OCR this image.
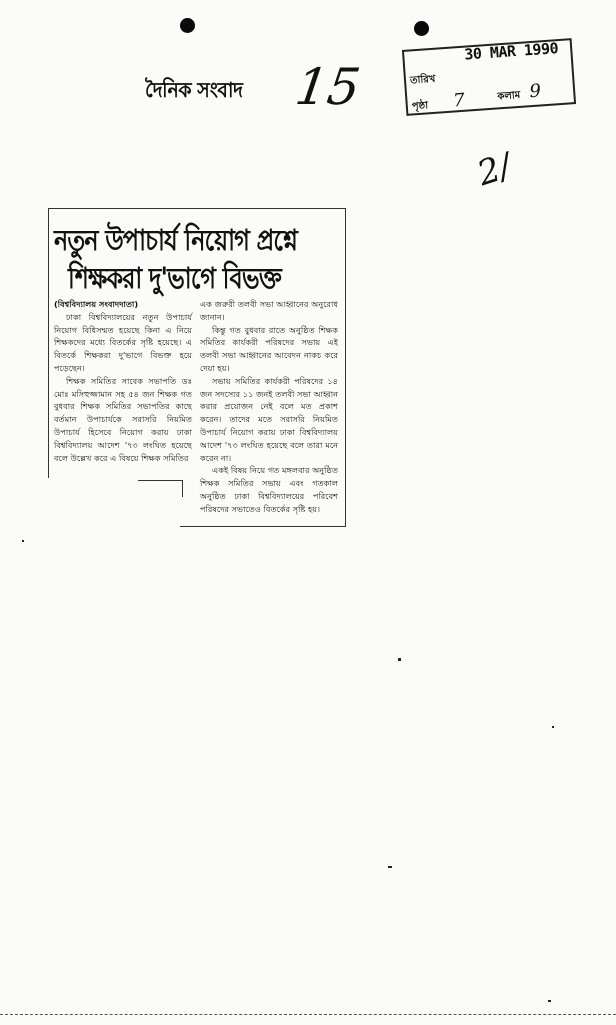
দৈনিক সংবাদ 15
30 MAR 1990
তারিখ
পৃষ্ঠা 7	কলাম 9
2/
নতুন উপাচার্য নিয়োগ প্রশ্নে
শিক্ষকরা দু'ভাগে বিভক্ত

(বিশ্ববিদ্যালয় সংবাদদাতা)

ঢাকা বিশ্ববিদ্যালয়ের নতুন উপাচার্য নিয়োগ বিধিসম্মত হয়েছে কিনা এ নিয়ে শিক্ষকদের মধ্যে বিতর্কের সৃষ্টি হয়েছে। এ বিতর্কে শিক্ষকরা দু'ভাগে বিভক্ত হয়ে পড়েছেন।

শিক্ষক সমিতির সাবেক সভাপতি ডঃ মোঃ মসিহুজ্জামান সহ ৫৪ জন শিক্ষক গত বুধবার শিক্ষক সমিতির সভাপতির কাছে বর্তমান উপাচার্যকে সরাসরি নিয়মিত উপাচার্য হিসেবে নিয়োগ করায় ঢাকা বিশ্ববিদ্যালয় আদেশ '৭৩ লংঘিত হয়েছে বলে উল্লেখ করে এ বিষয়ে শিক্ষক সমিতির

এক জরুরী তলবী সভা আহ্বানের অনুরোধ জানান।

কিন্তু গত বুধবার রাতে অনুষ্ঠিত শিক্ষক সমিতির কার্যকরী পরিষদের সভায় এই তলবী সভা আহ্বানের আবেদন নাকচ করে দেয়া হয়।

সভায় সমিতির কার্যকরী পরিষদের ১৪ জন সদস্যের ১১ জনই তলবী সভা আহ্বান করার প্রয়োজন নেই বলে মত প্রকাশ করেন। তাদের মতে সরাসরি নিয়মিত উপাচার্য নিয়োগ করায় ঢাকা বিশ্ববিদ্যালয় আদেশ '৭৩ লংঘিত হয়েছে বলে তারা মনে করেন না।

একই বিষয় নিয়ে গত মঙ্গলবার অনুষ্ঠিত শিক্ষক সমিতির সভায় এবং গতকাল অনুষ্ঠিত ঢাকা বিশ্ববিদ্যালয়ের পরিবেশ পরিষদের সভাতেও বিতর্কের সৃষ্টি হয়।
